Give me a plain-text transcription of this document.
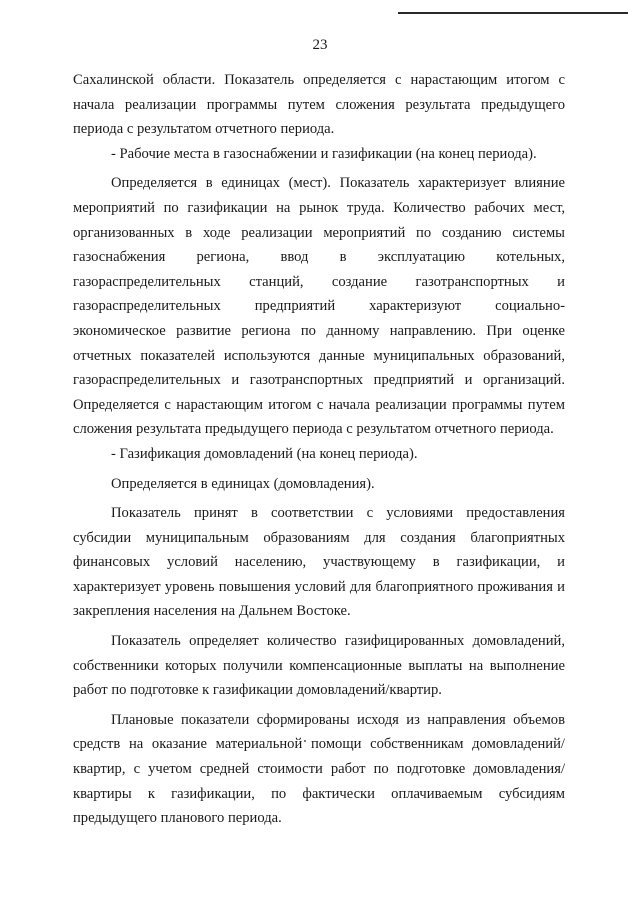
23

Сахалинской области. Показатель определяется с нарастающим итогом с начала реализации программы путем сложения результата предыдущего периода с результатом отчетного периода.

- Рабочие места в газоснабжении и газификации (на конец периода).

Определяется в единицах (мест). Показатель характеризует влияние мероприятий по газификации на рынок труда. Количество рабочих мест, организованных в ходе реализации мероприятий по созданию системы газоснабжения региона, ввод в эксплуатацию котельных, газораспределительных станций, создание газотранспортных и газораспределительных предприятий характеризуют социально-экономическое развитие региона по данному направлению. При оценке отчетных показателей используются данные муниципальных образований, газораспределительных и газотранспортных предприятий и организаций. Определяется с нарастающим итогом с начала реализации программы путем сложения результата предыдущего периода с результатом отчетного периода.

- Газификация домовладений (на конец периода).

Определяется в единицах (домовладения).

Показатель принят в соответствии с условиями предоставления субсидии муниципальным образованиям для создания благоприятных финансовых условий населению, участвующему в газификации, и характеризует уровень повышения условий для благоприятного проживания и закрепления населения на Дальнем Востоке.

Показатель определяет количество газифицированных домовладений, собственники которых получили компенсационные выплаты на выполнение работ по подготовке к газификации домовладений/квартир.

Плановые показатели сформированы исходя из направления объемов средств на оказание материальной помощи собственникам домовладений/квартир, с учетом средней стоимости работ по подготовке домовладения/квартиры к газификации, по фактически оплачиваемым субсидиям предыдущего планового периода.
